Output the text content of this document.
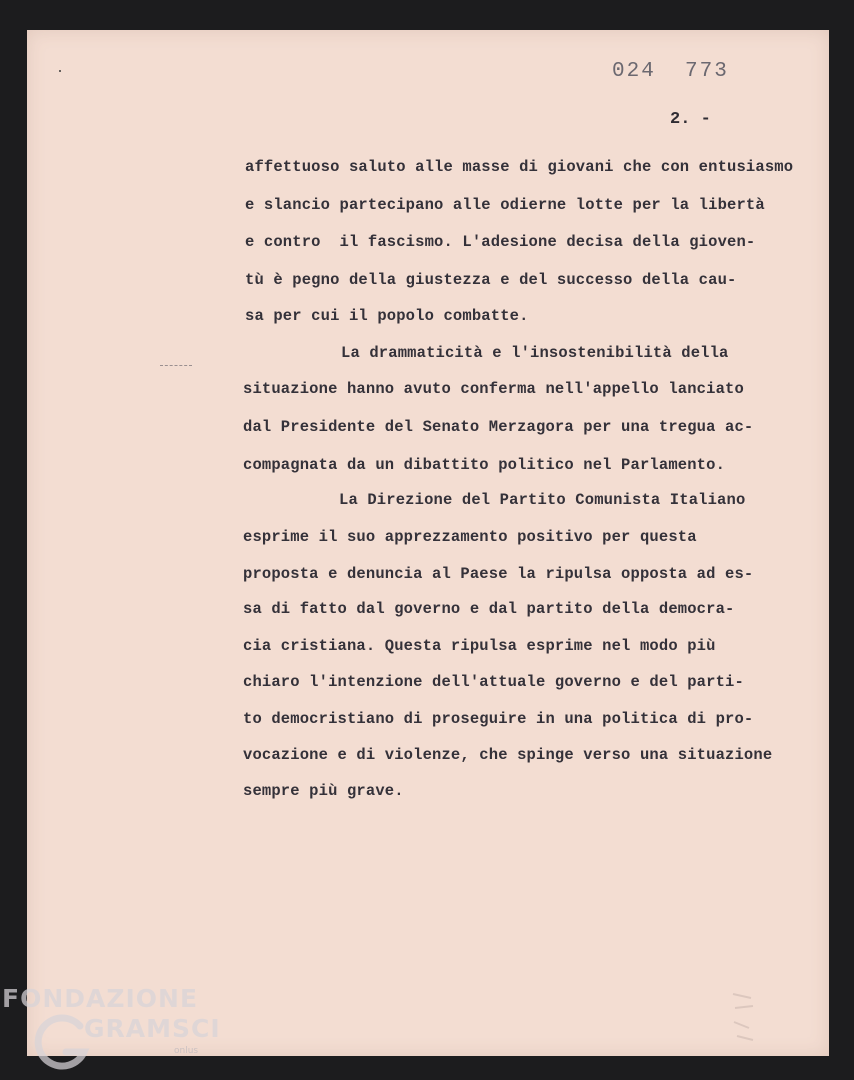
024  773
2. -
affettuoso saluto alle masse di giovani che con entusiasmo
e slancio partecipano alle odierne lotte per la libertà
e contro  il fascismo. L'adesione decisa della gioven-
tù è pegno della giustezza e del successo della cau-
sa per cui il popolo combatte.
La drammaticità e l'insostenibilità della
situazione hanno avuto conferma nell'appello lanciato
dal Presidente del Senato Merzagora per una tregua ac-
compagnata da un dibattito politico nel Parlamento.
La Direzione del Partito Comunista Italiano
esprime il suo apprezzamento positivo per questa
proposta e denuncia al Paese la ripulsa opposta ad es-
sa di fatto dal governo e dal partito della democra-
cia cristiana. Questa ripulsa esprime nel modo più
chiaro l'intenzione dell'attuale governo e del parti-
to democristiano di proseguire in una politica di pro-
vocazione e di violenze, che spinge verso una situazione
sempre più grave.
FONDAZIONE
GRAMSCI
onlus
